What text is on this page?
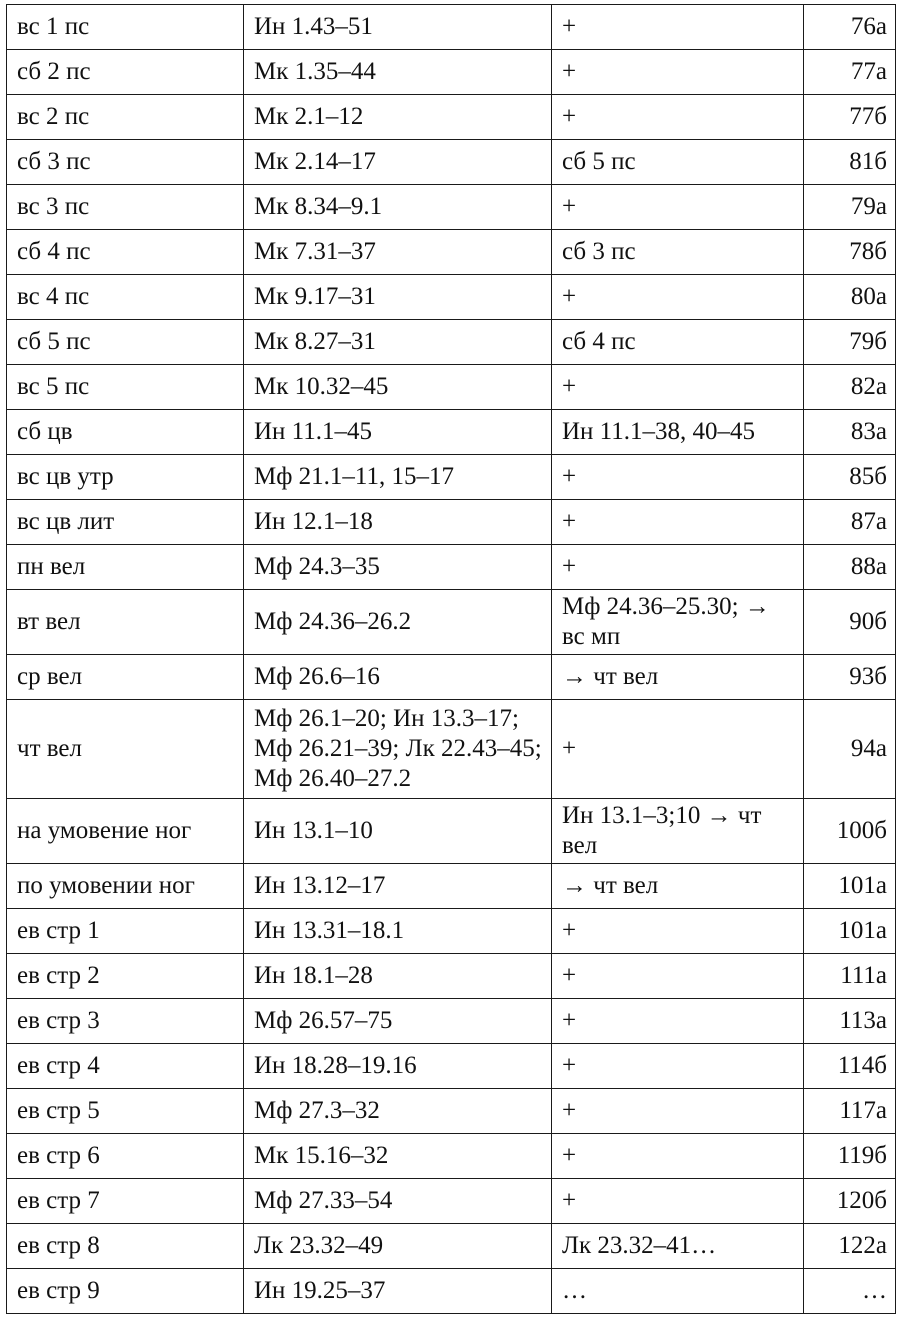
вс 1 пс	Ин 1.43–51	+	76а
сб 2 пс	Мк 1.35–44	+	77а
вс 2 пс	Мк 2.1–12	+	77б
сб 3 пс	Мк 2.14–17	сб 5 пс	81б
вс 3 пс	Мк 8.34–9.1	+	79а
сб 4 пс	Мк 7.31–37	сб 3 пс	78б
вс 4 пс	Мк 9.17–31	+	80а
сб 5 пс	Мк 8.27–31	сб 4 пс	79б
вс 5 пс	Мк 10.32–45	+	82а
сб цв	Ин 11.1–45	Ин 11.1–38, 40–45	83а
вс цв утр	Мф 21.1–11, 15–17	+	85б
вс цв лит	Ин 12.1–18	+	87а
пн вел	Мф 24.3–35	+	88а
вт вел	Мф 24.36–26.2	Мф 24.36–25.30; → вс мп	90б
ср вел	Мф 26.6–16	→ чт вел	93б
чт вел	Мф 26.1–20; Ин 13.3–17; Мф 26.21–39; Лк 22.43–45; Мф 26.40–27.2	+	94а
на умовение ног	Ин 13.1–10	Ин 13.1–3;10 → чт вел	100б
по умовении ног	Ин 13.12–17	→ чт вел	101а
ев стр 1	Ин 13.31–18.1	+	101а
ев стр 2	Ин 18.1–28	+	111а
ев стр 3	Мф 26.57–75	+	113а
ев стр 4	Ин 18.28–19.16	+	114б
ев стр 5	Мф 27.3–32	+	117а
ев стр 6	Мк 15.16–32	+	119б
ев стр 7	Мф 27.33–54	+	120б
ев стр 8	Лк 23.32–49	Лк 23.32–41…	122а
ев стр 9	Ин 19.25–37	…	…
